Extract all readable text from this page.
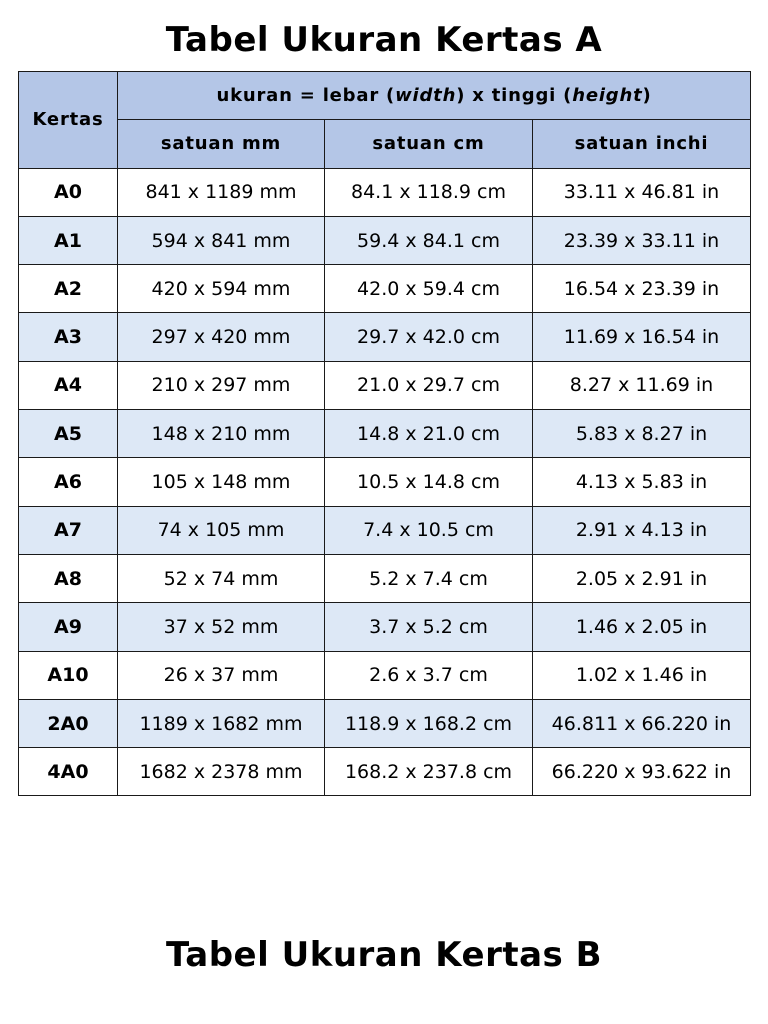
Tabel Ukuran Kertas A
Kertas	ukuran = lebar (width) x tinggi (height)		
	satuan mm	satuan cm	satuan inchi
A0	841 x 1189 mm	84.1 x 118.9 cm	33.11 x 46.81 in
A1	594 x 841 mm	59.4 x 84.1 cm	23.39 x 33.11 in
A2	420 x 594 mm	42.0 x 59.4 cm	16.54 x 23.39 in
A3	297 x 420 mm	29.7 x 42.0 cm	11.69 x 16.54 in
A4	210 x 297 mm	21.0 x 29.7 cm	8.27 x 11.69 in
A5	148 x 210 mm	14.8 x 21.0 cm	5.83 x 8.27 in
A6	105 x 148 mm	10.5 x 14.8 cm	4.13 x 5.83 in
A7	74 x 105 mm	7.4 x 10.5 cm	2.91 x 4.13 in
A8	52 x 74 mm	5.2 x 7.4 cm	2.05 x 2.91 in
A9	37 x 52 mm	3.7 x 5.2 cm	1.46 x 2.05 in
A10	26 x 37 mm	2.6 x 3.7 cm	1.02 x 1.46 in
2A0	1189 x 1682 mm	118.9 x 168.2 cm	46.811 x 66.220 in
4A0	1682 x 2378 mm	168.2 x 237.8 cm	66.220 x 93.622 in
Tabel Ukuran Kertas B
